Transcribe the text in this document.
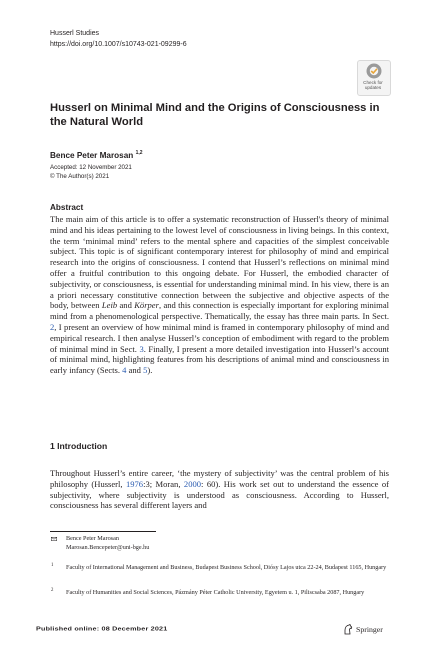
Husserl Studies
https://doi.org/10.1007/s10743-021-09299-6
Check for
updates
Husserl on Minimal Mind and the Origins of Consciousness in the Natural World
Bence Peter Marosan $^{1,2}$
Accepted: 12 November 2021
© The Author(s) 2021
Abstract
The main aim of this article is to offer a systematic reconstruction of Husserl's theory of minimal mind and his ideas pertaining to the lowest level of consciousness in living beings. In this context, the term ‘minimal mind’ refers to the mental sphere and capacities of the simplest conceivable subject. This topic is of significant contemporary interest for philosophy of mind and empirical research into the origins of consciousness. I contend that Husserl’s reflections on minimal mind offer a fruitful contribution to this ongoing debate. For Husserl, the embodied character of subjectivity, or consciousness, is essential for understanding minimal mind. In his view, there is an a priori necessary constitutive connection between the subjective and objective aspects of the body, between Leib and Körper, and this connection is especially important for exploring minimal mind from a phenomenological perspective. Thematically, the essay has three main parts. In Sect. 2, I present an overview of how minimal mind is framed in contemporary philosophy of mind and empirical research. I then analyse Husserl’s conception of embodiment with regard to the problem of minimal mind in Sect. 3. Finally, I present a more detailed investigation into Husserl’s account of minimal mind, highlighting features from his descriptions of animal mind and consciousness in early infancy (Sects. 4 and 5).
1 Introduction
Throughout Husserl’s entire career, ‘the mystery of subjectivity’ was the central problem of his philosophy (Husserl, 1976:3; Moran, 2000: 60). His work set out to understand the essence of subjectivity, where subjectivity is understood as consciousness. According to Husserl, consciousness has several different layers and
Bence Peter Marosan
Marosan.Bencepeter@uni-bge.hu
1 Faculty of International Management and Business, Budapest Business School, Diósy Lajos utca 22-24, Budapest 1165, Hungary
2 Faculty of Humanities and Social Sciences, Pázmány Péter Catholic University, Egyetem u. 1, Piliscsaba 2087, Hungary
Published online: 08 December 2021	Springer
